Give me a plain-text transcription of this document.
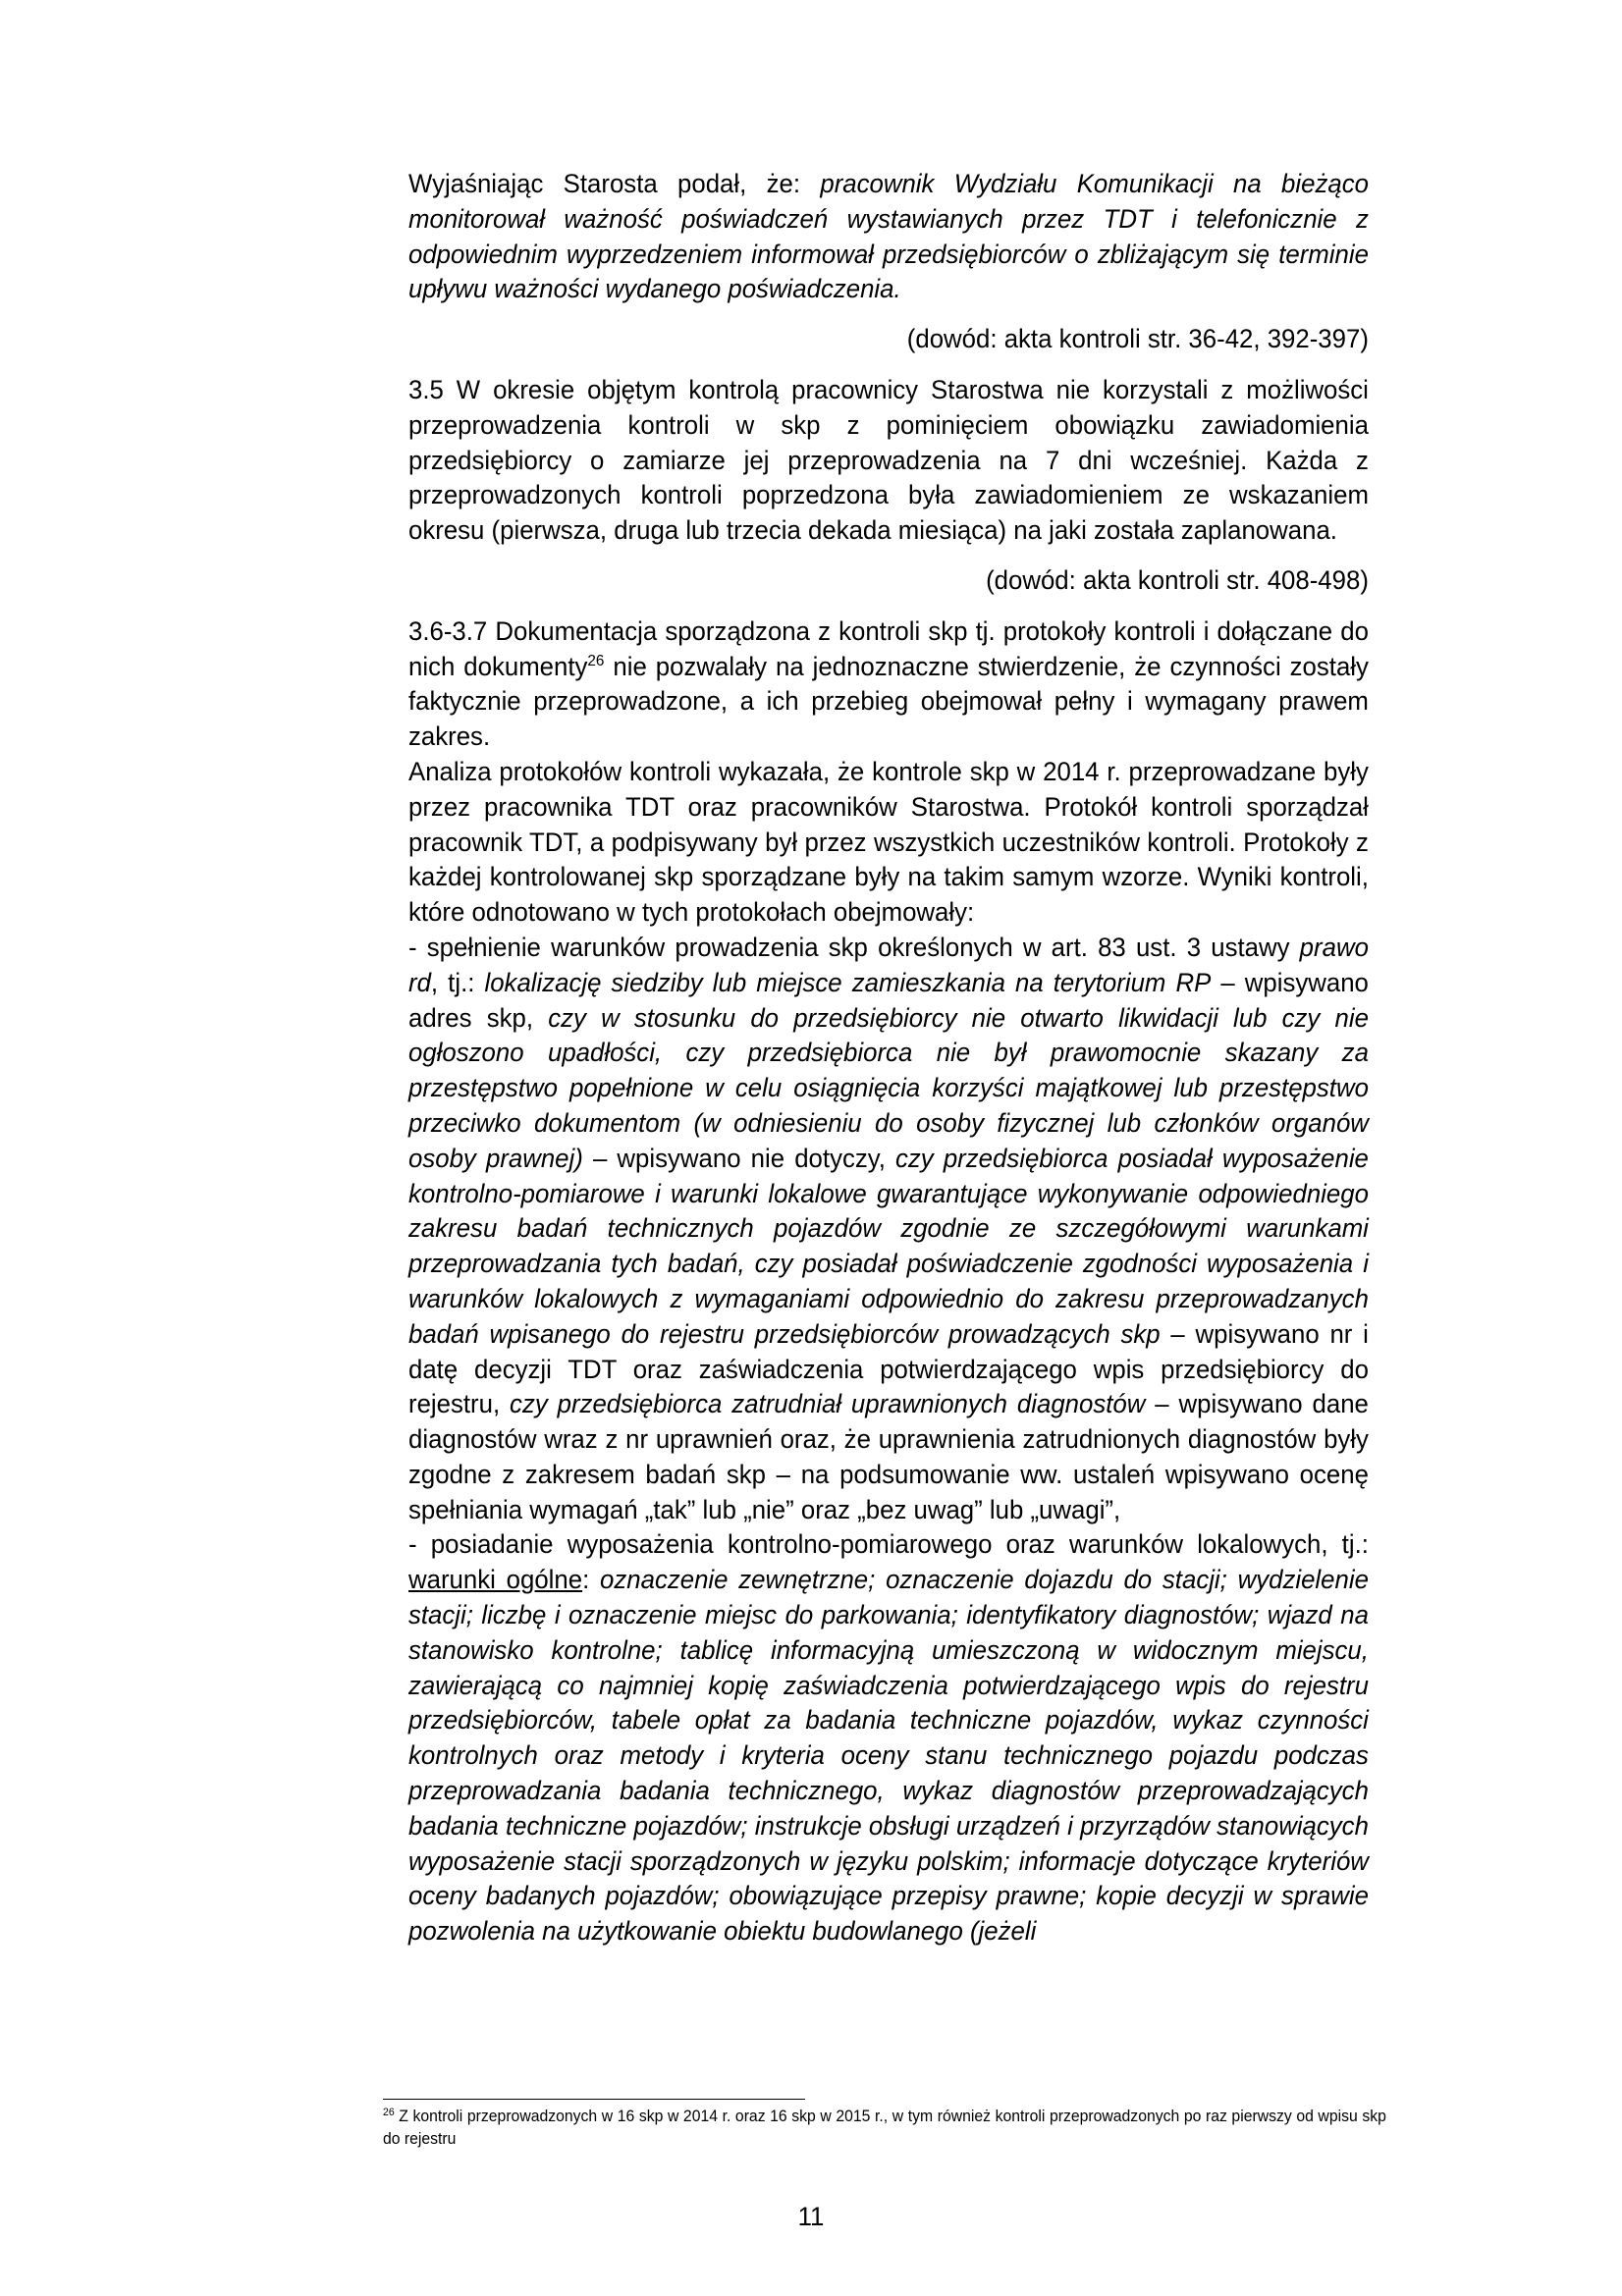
Wyjaśniając Starosta podał, że: pracownik Wydziału Komunikacji na bieżąco monitorował ważność poświadczeń wystawianych przez TDT i telefonicznie z odpowiednim wyprzedzeniem informował przedsiębiorców o zbliżającym się terminie upływu ważności wydanego poświadczenia.

(dowód: akta kontroli str. 36-42, 392-397)

3.5 W okresie objętym kontrolą pracownicy Starostwa nie korzystali z możliwości przeprowadzenia kontroli w skp z pominięciem obowiązku zawiadomienia przedsiębiorcy o zamiarze jej przeprowadzenia na 7 dni wcześniej. Każda z przeprowadzonych kontroli poprzedzona była zawiadomieniem ze wskazaniem okresu (pierwsza, druga lub trzecia dekada miesiąca) na jaki została zaplanowana.

(dowód: akta kontroli str. 408-498)

3.6-3.7 Dokumentacja sporządzona z kontroli skp tj. protokoły kontroli i dołączane do nich dokumenty$^{26}$ nie pozwalały na jednoznaczne stwierdzenie, że czynności zostały faktycznie przeprowadzone, a ich przebieg obejmował pełny i wymagany prawem zakres.

Analiza protokołów kontroli wykazała, że kontrole skp w 2014 r. przeprowadzane były przez pracownika TDT oraz pracowników Starostwa. Protokół kontroli sporządzał pracownik TDT, a podpisywany był przez wszystkich uczestników kontroli. Protokoły z każdej kontrolowanej skp sporządzane były na takim samym wzorze. Wyniki kontroli, które odnotowano w tych protokołach obejmowały:

- spełnienie warunków prowadzenia skp określonych w art. 83 ust. 3 ustawy prawo rd, tj.: lokalizację siedziby lub miejsce zamieszkania na terytorium RP – wpisywano adres skp, czy w stosunku do przedsiębiorcy nie otwarto likwidacji lub czy nie ogłoszono upadłości, czy przedsiębiorca nie był prawomocnie skazany za przestępstwo popełnione w celu osiągnięcia korzyści majątkowej lub przestępstwo przeciwko dokumentom (w odniesieniu do osoby fizycznej lub członków organów osoby prawnej) – wpisywano nie dotyczy, czy przedsiębiorca posiadał wyposażenie kontrolno-pomiarowe i warunki lokalowe gwarantujące wykonywanie odpowiedniego zakresu badań technicznych pojazdów zgodnie ze szczegółowymi warunkami przeprowadzania tych badań, czy posiadał poświadczenie zgodności wyposażenia i warunków lokalowych z wymaganiami odpowiednio do zakresu przeprowadzanych badań wpisanego do rejestru przedsiębiorców prowadzących skp – wpisywano nr i datę decyzji TDT oraz zaświadczenia potwierdzającego wpis przedsiębiorcy do rejestru, czy przedsiębiorca zatrudniał uprawnionych diagnostów – wpisywano dane diagnostów wraz z nr uprawnień oraz, że uprawnienia zatrudnionych diagnostów były zgodne z zakresem badań skp – na podsumowanie ww. ustaleń wpisywano ocenę spełniania wymagań „tak” lub „nie” oraz „bez uwag” lub „uwagi”,

- posiadanie wyposażenia kontrolno-pomiarowego oraz warunków lokalowych, tj.: warunki ogólne: oznaczenie zewnętrzne; oznaczenie dojazdu do stacji; wydzielenie stacji; liczbę i oznaczenie miejsc do parkowania; identyfikatory diagnostów; wjazd na stanowisko kontrolne; tablicę informacyjną umieszczoną w widocznym miejscu, zawierającą co najmniej kopię zaświadczenia potwierdzającego wpis do rejestru przedsiębiorców, tabele opłat za badania techniczne pojazdów, wykaz czynności kontrolnych oraz metody i kryteria oceny stanu technicznego pojazdu podczas przeprowadzania badania technicznego, wykaz diagnostów przeprowadzających badania techniczne pojazdów; instrukcje obsługi urządzeń i przyrządów stanowiących wyposażenie stacji sporządzonych w języku polskim; informacje dotyczące kryteriów oceny badanych pojazdów; obowiązujące przepisy prawne; kopie decyzji w sprawie pozwolenia na użytkowanie obiektu budowlanego (jeżeli

$^{26}$ Z kontroli przeprowadzonych w 16 skp w 2014 r. oraz 16 skp w 2015 r., w tym również kontroli przeprowadzonych po raz pierwszy od wpisu skp do rejestru
11
